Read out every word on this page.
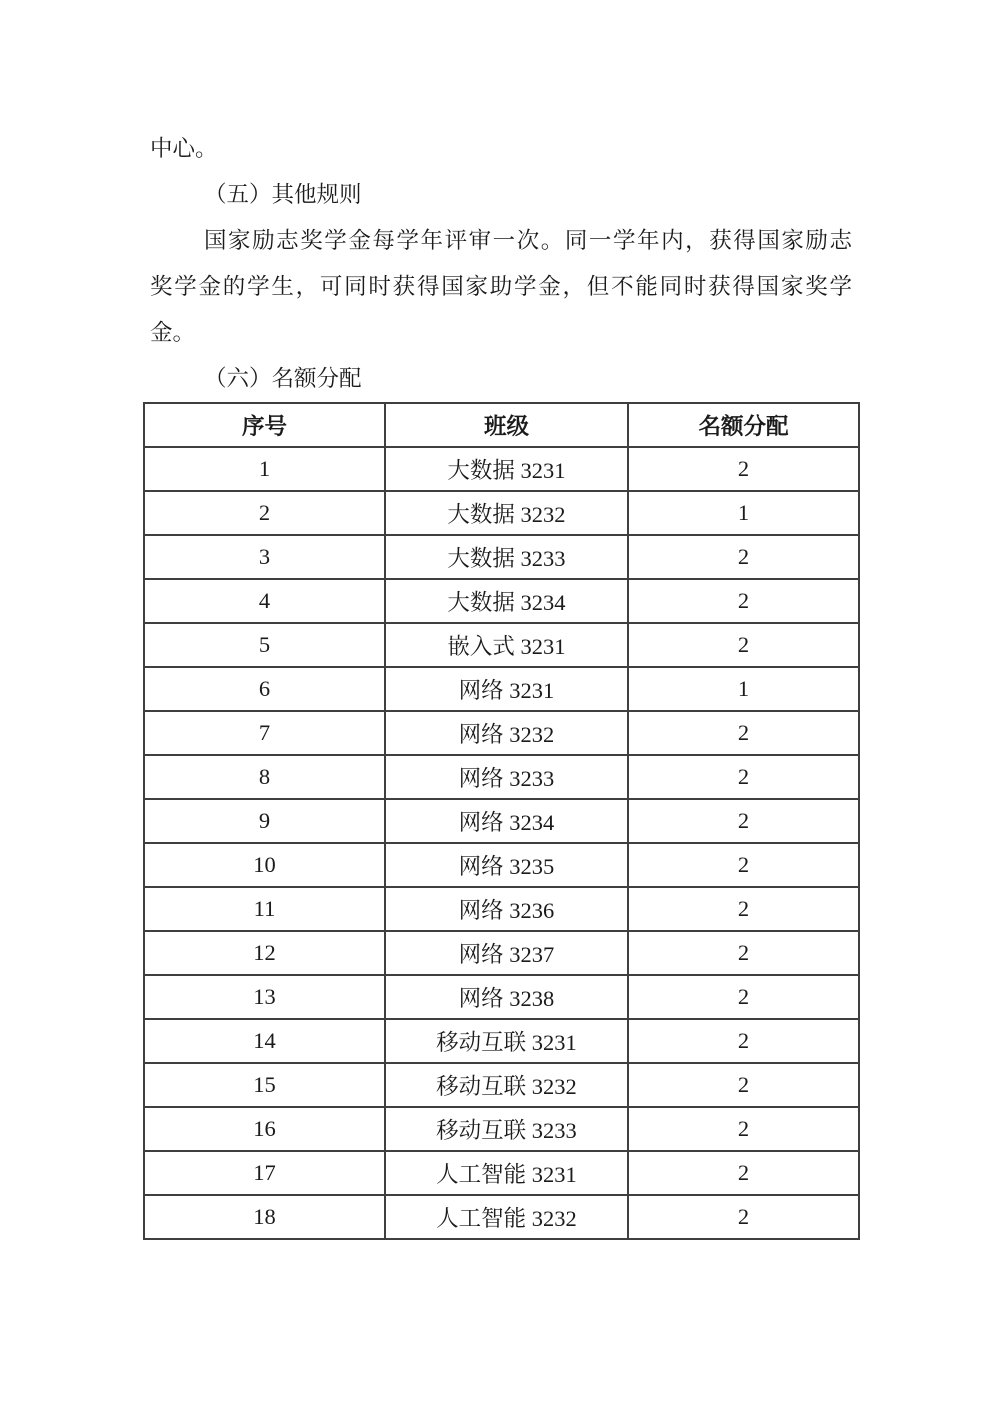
中心。

（五）其他规则

国家励志奖学金每学年评审一次。同一学年内，获得国家励志

奖学金的学生，可同时获得国家助学金，但不能同时获得国家奖学

金。

（六）名额分配

序号	班级	名额分配
1	大数据 3231	2
2	大数据 3232	1
3	大数据 3233	2
4	大数据 3234	2
5	嵌入式 3231	2
6	网络 3231	1
7	网络 3232	2
8	网络 3233	2
9	网络 3234	2
10	网络 3235	2
11	网络 3236	2
12	网络 3237	2
13	网络 3238	2
14	移动互联 3231	2
15	移动互联 3232	2
16	移动互联 3233	2
17	人工智能 3231	2
18	人工智能 3232	2
